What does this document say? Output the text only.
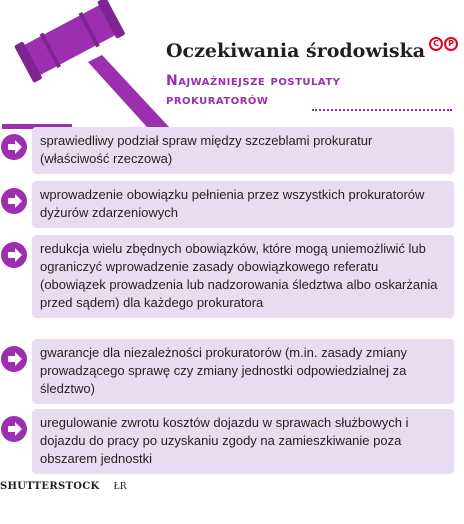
Oczekiwania środowiska C	P
Najważniejsze postulaty
prokuratorów
sprawiedliwy podział spraw między szczeblami prokuratur (właściwość rzeczowa)
wprowadzenie obowiązku pełnienia przez wszystkich prokuratorów dyżurów zdarzeniowych
redukcja wielu zbędnych obowiązków, które mogą uniemożliwić lub ograniczyć wprowadzenie zasady obowiązkowego referatu (obowiązek prowadzenia lub nadzorowania śledztwa albo oskarżania przed sądem) dla każdego prokuratora
gwarancje dla niezależności prokuratorów (m.in. zasady zmiany prowadzącego sprawę czy zmiany jednostki odpowiedzialnej za śledztwo)
uregulowanie zwrotu kosztów dojazdu w sprawach służbowych i dojazdu do pracy po uzyskaniu zgody na zamieszkiwanie poza obszarem jednostki
SHUTTERSTOCK ŁR
